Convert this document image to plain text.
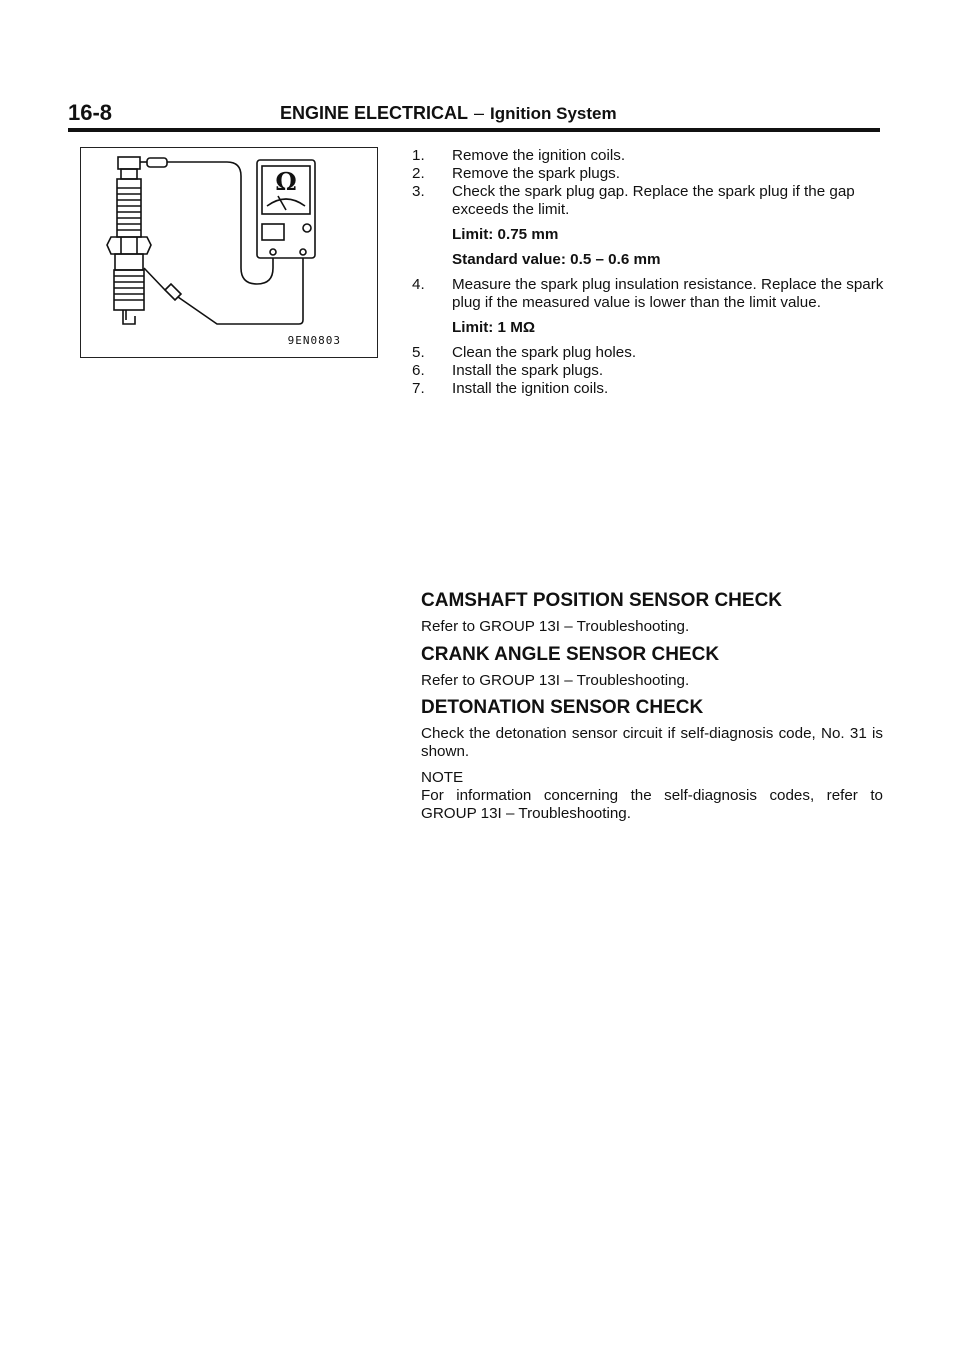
16-8	ENGINE ELECTRICAL – Ignition System
Ω
9EN0803
1. Remove the ignition coils.
2. Remove the spark plugs.
3. Check the spark plug gap. Replace the spark plug if the gap exceeds the limit.
Limit: 0.75 mm
Standard value: 0.5 – 0.6 mm
4. Measure the spark plug insulation resistance. Replace the spark plug if the measured value is lower than the limit value.
Limit: 1 MΩ
5. Clean the spark plug holes.
6. Install the spark plugs.
7. Install the ignition coils.
CAMSHAFT POSITION SENSOR CHECK

Refer to GROUP 13I – Troubleshooting.

CRANK ANGLE SENSOR CHECK

Refer to GROUP 13I – Troubleshooting.

DETONATION SENSOR CHECK

Check the detonation sensor circuit if self-diagnosis code, No. 31 is shown.

NOTE

For information concerning the self-diagnosis codes, refer to GROUP 13I – Troubleshooting.
